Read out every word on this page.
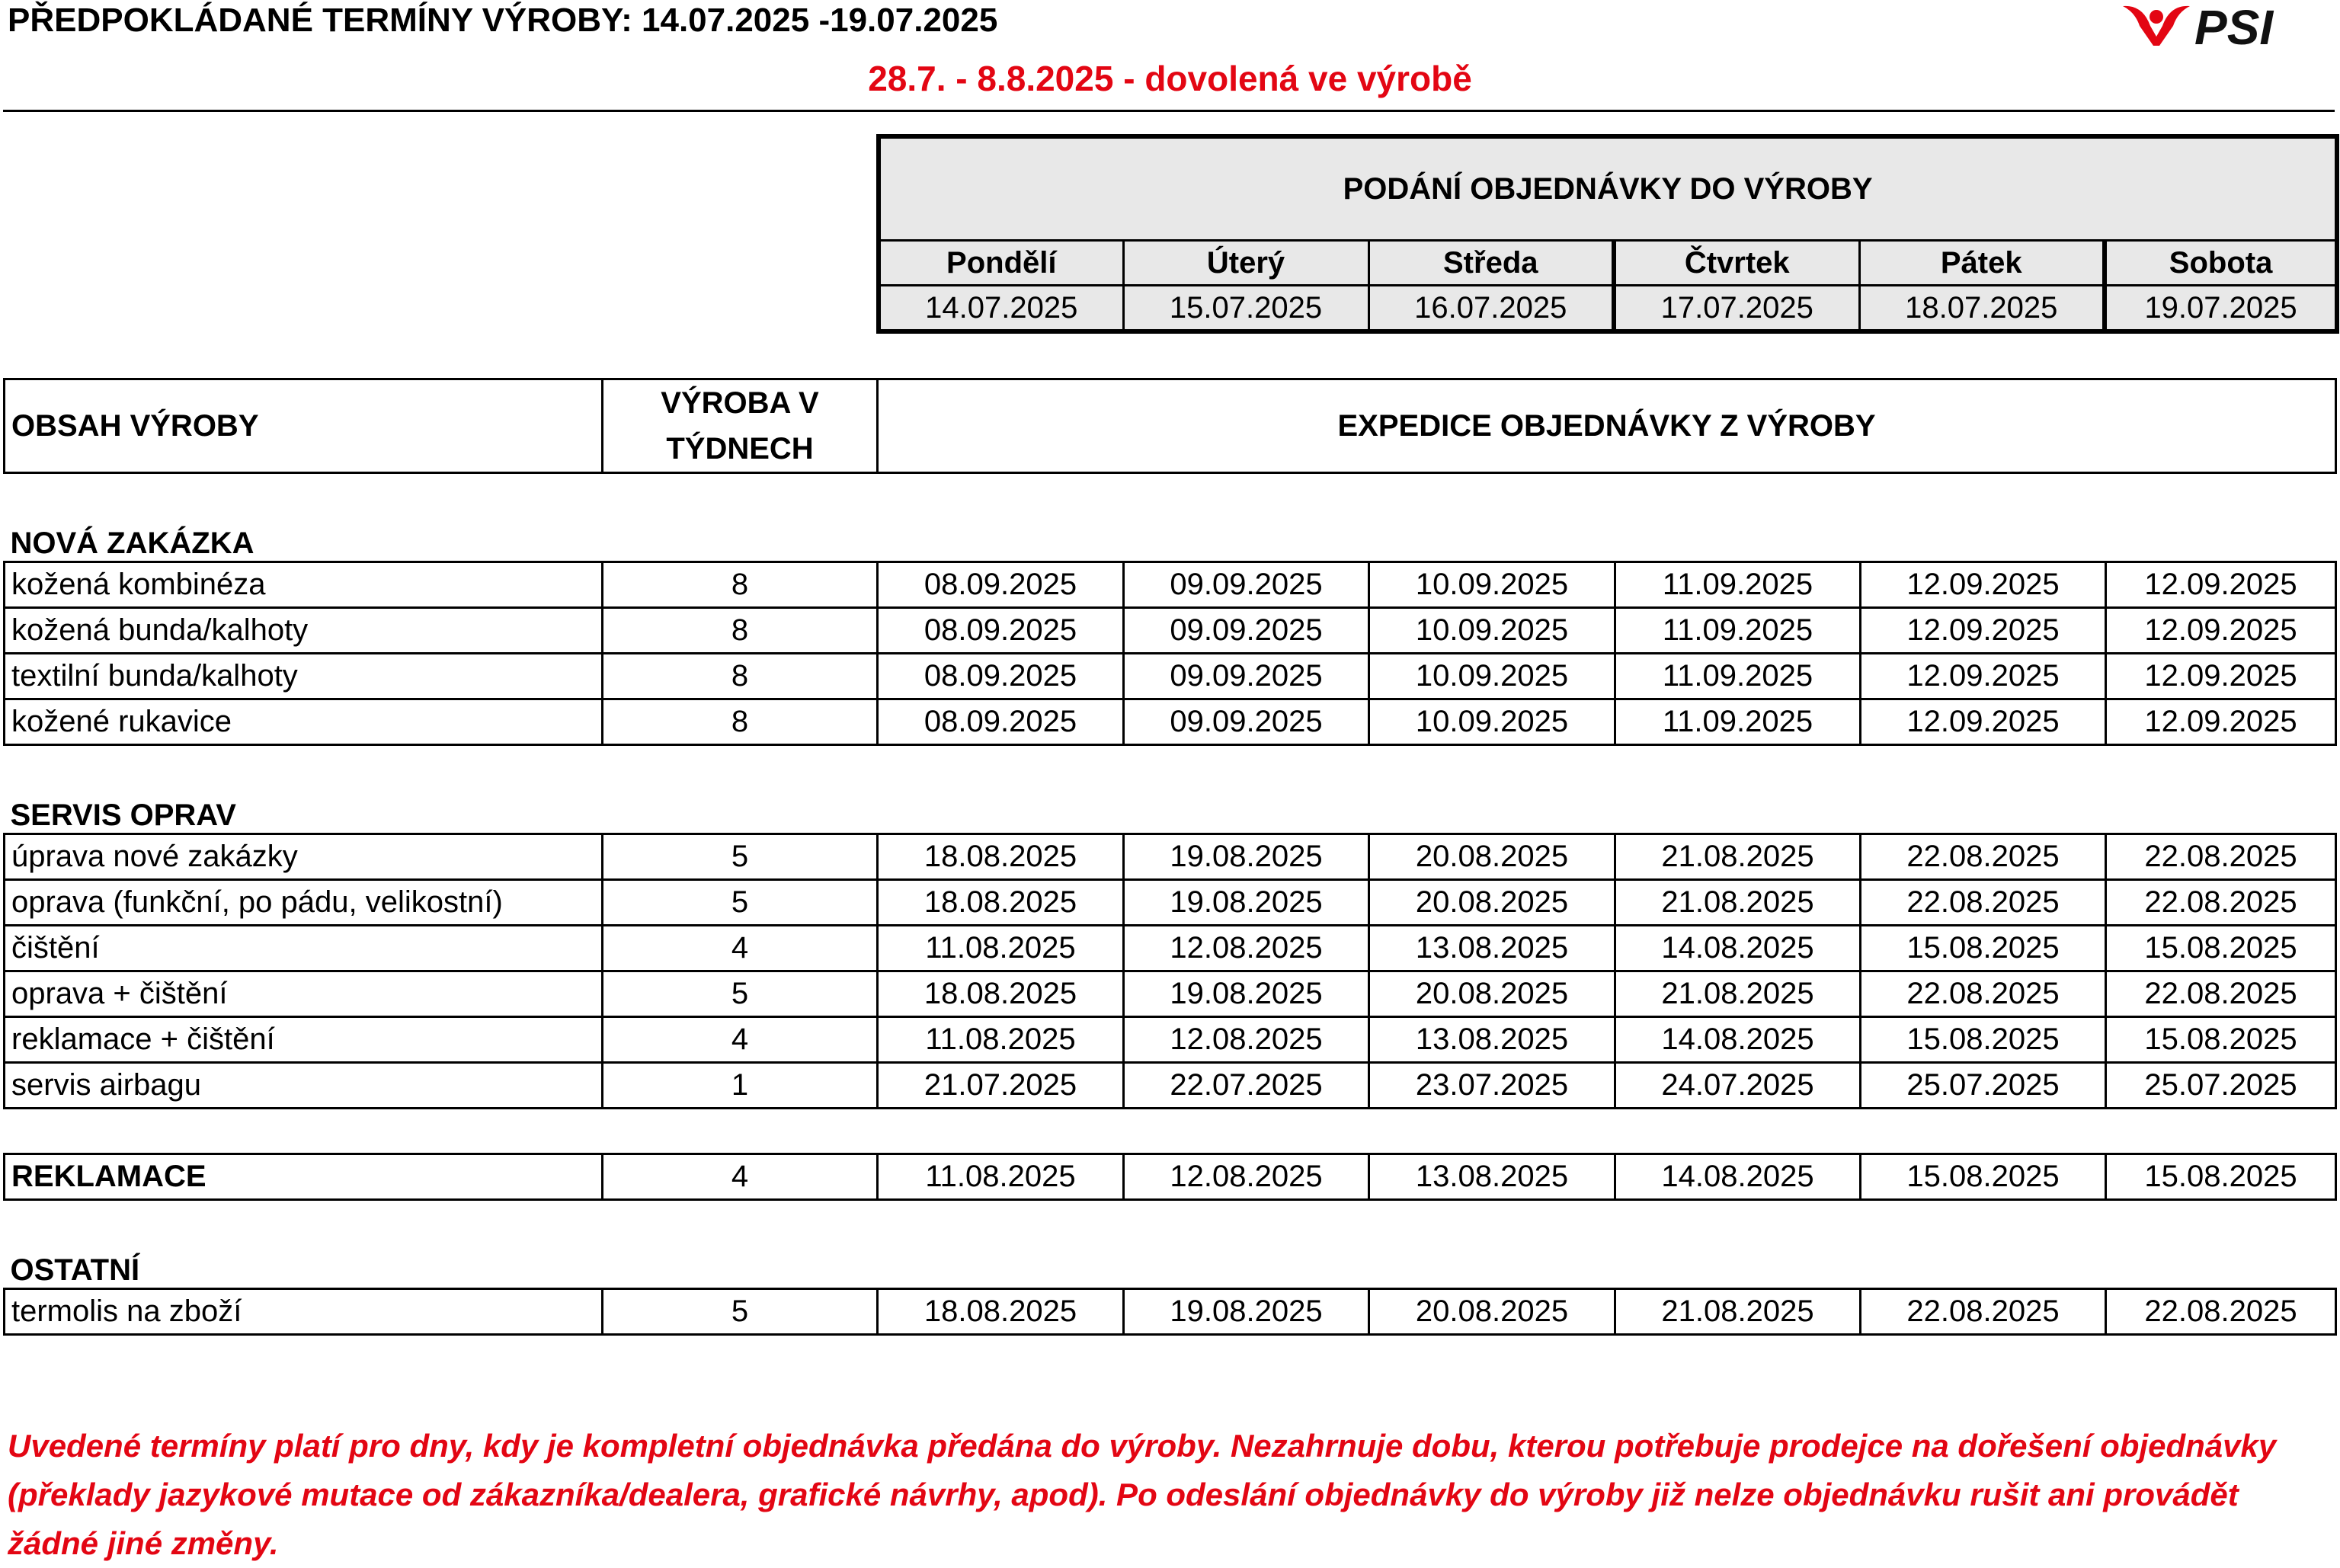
PŘEDPOKLÁDANÉ TERMÍNY VÝROBY: 14.07.2025 -19.07.2025
28.7. - 8.8.2025 - dovolená ve výrobě
PSI
PODÁNÍ OBJEDNÁVKY DO VÝROBY					
Pondělí	Úterý	Středa	Čtvrtek	Pátek	Sobota
14.07.2025	15.07.2025	16.07.2025	17.07.2025	18.07.2025	19.07.2025
OBSAH VÝROBY	VÝROBA V TÝDNECH	EXPEDICE OBJEDNÁVKY Z VÝROBY					

NOVÁ ZAKÁZKA							
kožená kombinéza	8	08.09.2025	09.09.2025	10.09.2025	11.09.2025	12.09.2025	12.09.2025
kožená bunda/kalhoty	8	08.09.2025	09.09.2025	10.09.2025	11.09.2025	12.09.2025	12.09.2025
textilní bunda/kalhoty	8	08.09.2025	09.09.2025	10.09.2025	11.09.2025	12.09.2025	12.09.2025
kožené rukavice	8	08.09.2025	09.09.2025	10.09.2025	11.09.2025	12.09.2025	12.09.2025

SERVIS OPRAV							
úprava nové zakázky	5	18.08.2025	19.08.2025	20.08.2025	21.08.2025	22.08.2025	22.08.2025
oprava (funkční, po pádu, velikostní)	5	18.08.2025	19.08.2025	20.08.2025	21.08.2025	22.08.2025	22.08.2025
čištění	4	11.08.2025	12.08.2025	13.08.2025	14.08.2025	15.08.2025	15.08.2025
oprava + čištění	5	18.08.2025	19.08.2025	20.08.2025	21.08.2025	22.08.2025	22.08.2025
reklamace + čištění	4	11.08.2025	12.08.2025	13.08.2025	14.08.2025	15.08.2025	15.08.2025
servis airbagu	1	21.07.2025	22.07.2025	23.07.2025	24.07.2025	25.07.2025	25.07.2025

REKLAMACE	4	11.08.2025	12.08.2025	13.08.2025	14.08.2025	15.08.2025	15.08.2025

OSTATNÍ							
termolis na zboží	5	18.08.2025	19.08.2025	20.08.2025	21.08.2025	22.08.2025	22.08.2025
Uvedené termíny platí pro dny, kdy je kompletní objednávka předána do výroby. Nezahrnuje dobu, kterou potřebuje prodejce na dořešení objednávky (překlady jazykové mutace od zákazníka/dealera, grafické návrhy, apod). Po odeslání objednávky do výroby již nelze objednávku rušit ani provádět žádné jiné změny.
